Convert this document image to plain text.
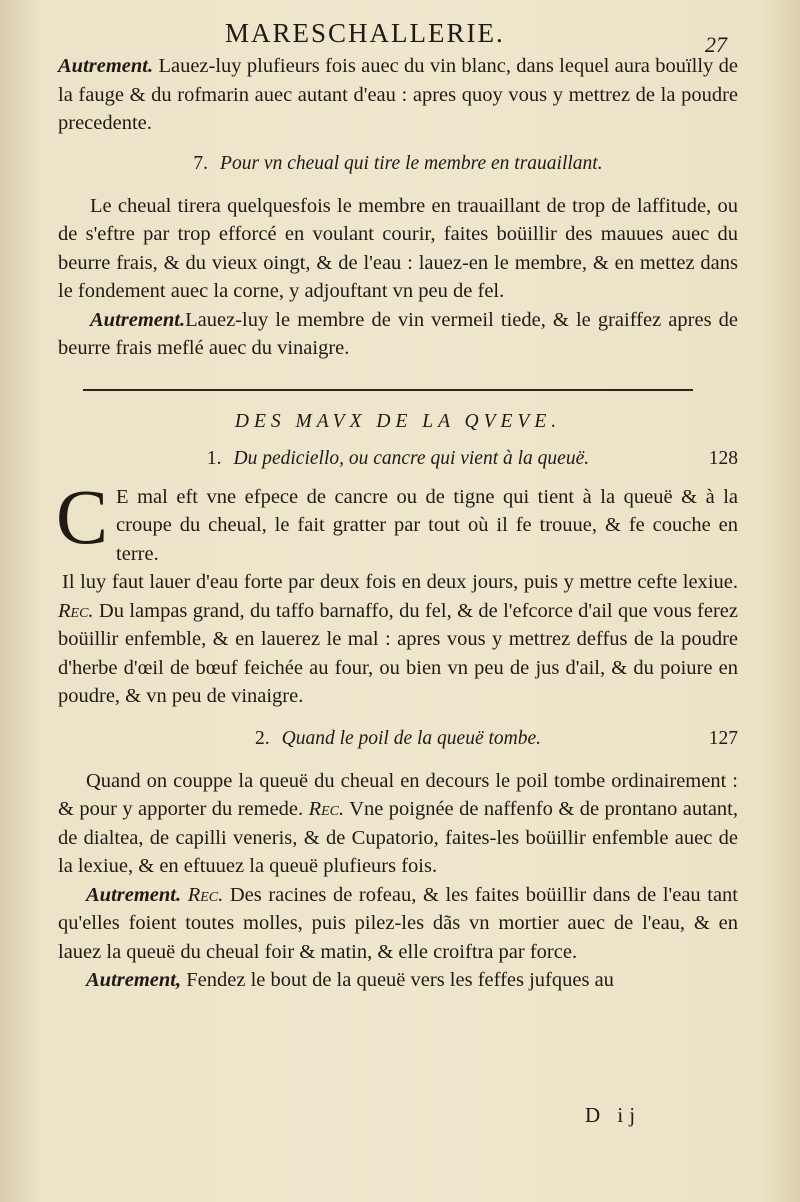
MARESCHALLERIE.	27

Autrement. Lauez-luy plufieurs fois auec du vin blanc, dans lequel aura bouïlly de la fauge & du rofmarin auec autant d'eau : apres quoy vous y mettrez de la poudre precedente.

7. Pour vn cheual qui tire le membre en trauaillant.

Le cheual tirera quelquesfois le membre en trauaillant de trop de laffitude, ou de s'eftre par trop efforcé en voulant courir, faites boüillir des mauues auec du beurre frais, & du vieux oingt, & de l'eau : lauez-en le membre, & en mettez dans le fondement auec la corne, y adjouftant vn peu de fel.

Autrement.Lauez-luy le membre de vin vermeil tiede, & le graiffez apres de beurre frais meflé auec du vinaigre.

DES MAVX DE LA QVEVE.

1. Du pediciello, ou cancre qui vient à la queuë.	128

C E mal eft vne efpece de cancre ou de tigne qui tient à la queuë & à la croupe du cheual, le fait gratter par tout où il fe trouue, & fe couche en terre.

Il luy faut lauer d'eau forte par deux fois en deux jours, puis y mettre cefte lexiue. Rec. Du lampas grand, du taffo barnaffo, du fel, & de l'efcorce d'ail que vous ferez boüillir enfemble, & en lauerez le mal : apres vous y mettrez deffus de la poudre d'herbe d'œil de bœuf feichée au four, ou bien vn peu de jus d'ail, & du poiure en poudre, & vn peu de vinaigre.

2. Quand le poil de la queuë tombe.	127

Quand on couppe la queuë du cheual en decours le poil tombe ordinairement : & pour y apporter du remede. Rec. Vne poignée de naffenfo & de prontano autant, de dialtea, de capilli veneris, & de Cupatorio, faites-les boüillir enfemble auec de la lexiue, & en eftuuez la queuë plufieurs fois.

Autrement. Rec. Des racines de rofeau, & les faites boüillir dans de l'eau tant qu'elles foient toutes molles, puis pilez-les dãs vn mortier auec de l'eau, & en lauez la queuë du cheual foir & matin, & elle croiftra par force.

Autrement, Fendez le bout de la queuë vers les feffes jufques au

D ij
